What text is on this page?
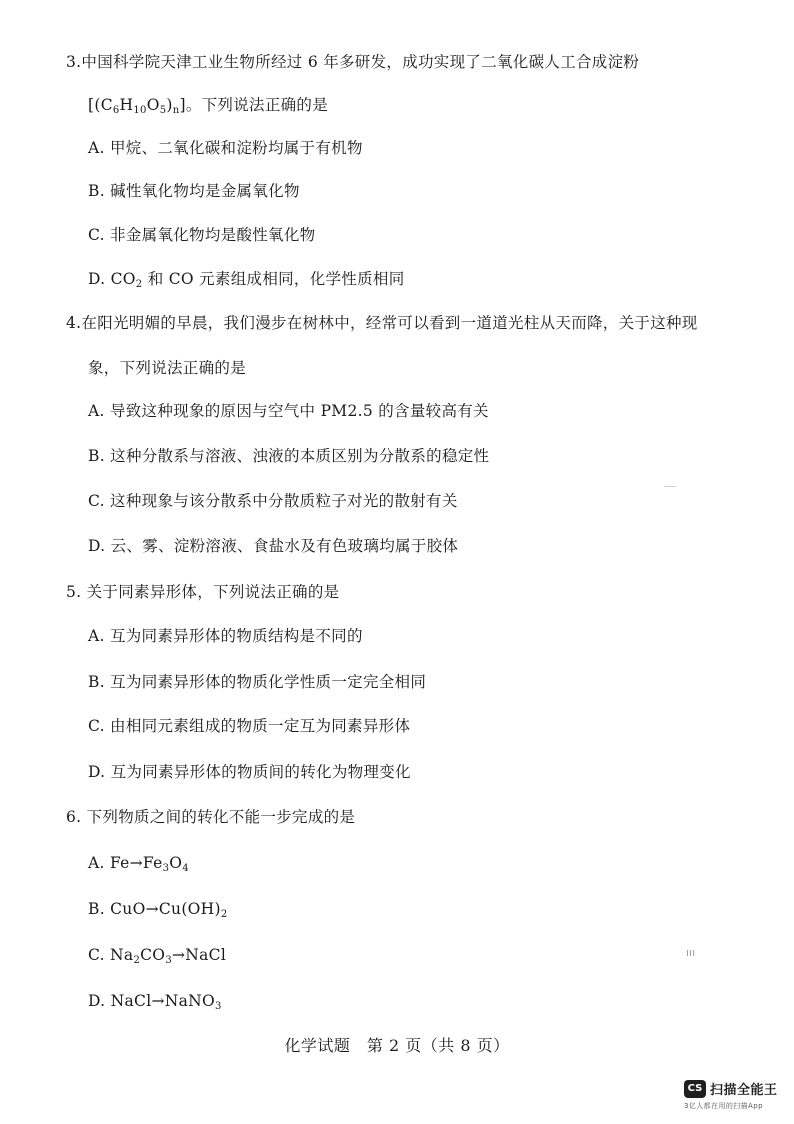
3.中国科学院天津工业生物所经过 6 年多研发，成功实现了二氧化碳人工合成淀粉
$[(C_6H_{10}O_5)_n]$。下列说法正确的是
A. 甲烷、二氧化碳和淀粉均属于有机物
B. 碱性氧化物均是金属氧化物
C. 非金属氧化物均是酸性氧化物
D. $CO_2$ 和 CO 元素组成相同，化学性质相同
4.在阳光明媚的早晨，我们漫步在树林中，经常可以看到一道道光柱从天而降，关于这种现
象，下列说法正确的是
A. 导致这种现象的原因与空气中 PM2.5 的含量较高有关
B. 这种分散系与溶液、浊液的本质区别为分散系的稳定性
C. 这种现象与该分散系中分散质粒子对光的散射有关
D. 云、雾、淀粉溶液、食盐水及有色玻璃均属于胶体
5. 关于同素异形体，下列说法正确的是
A. 互为同素异形体的物质结构是不同的
B. 互为同素异形体的物质化学性质一定完全相同
C. 由相同元素组成的物质一定互为同素异形体
D. 互为同素异形体的物质间的转化为物理变化
6. 下列物质之间的转化不能一步完成的是
A. $Fe\to Fe_3O_4$
B. $CuO\to Cu(OH)_2$
C. $Na_2CO_3\to NaCl$
D. NaCl→NaNO$_3$
ııı
化学试题　第 2 页（共 8 页）
CS 扫描全能王
3亿人都在用的扫描App
